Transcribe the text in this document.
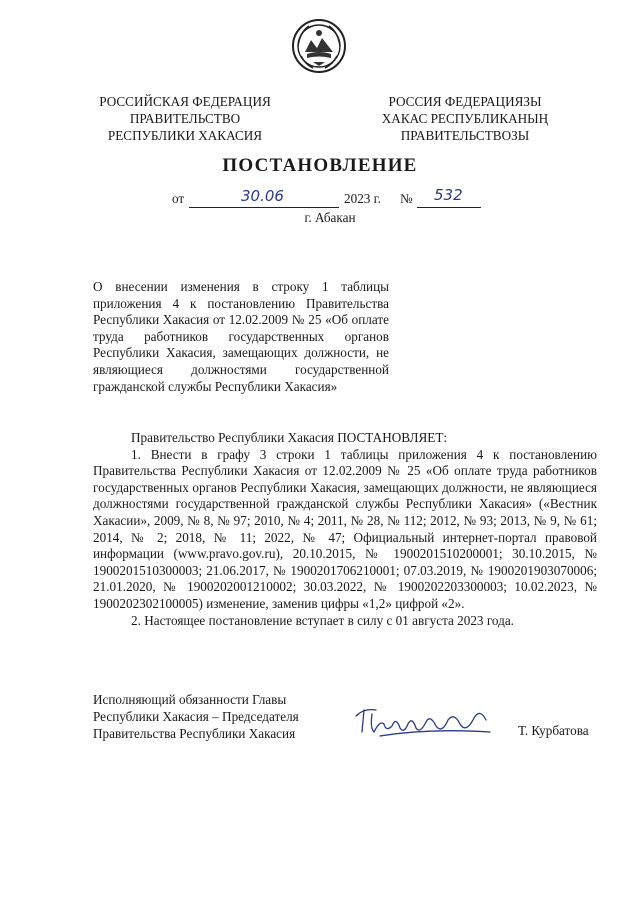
РОССИЙСКАЯ ФЕДЕРАЦИЯ
ПРАВИТЕЛЬСТВО
РЕСПУБЛИКИ ХАКАСИЯ
РОССИЯ ФЕДЕРАЦИЯЗЫ
ХАКАС РЕСПУБЛИКАНЫҢ
ПРАВИТЕЛЬСТВОЗЫ
ПОСТАНОВЛЕНИЕ
от	30.06	2023 г. № 532
г. Абакан
О внесении изменения в строку 1 таблицы приложения 4 к постановлению Правительства Республики Хакасия от 12.02.2009 № 25 «Об оплате труда работников государственных органов Республики Хакасия, замещающих должности, не являющиеся должностями государственной гражданской службы Республики Хакасия»

Правительство Республики Хакасия ПОСТАНОВЛЯЕТ:

1. Внести в графу 3 строки 1 таблицы приложения 4 к постановлению Правительства Республики Хакасия от 12.02.2009 № 25 «Об оплате труда работников государственных органов Республики Хакасия, замещающих должности, не являющиеся должностями государственной гражданской службы Республики Хакасия» («Вестник Хакасии», 2009, № 8, № 97; 2010, № 4; 2011, № 28, № 112; 2012, № 93; 2013, № 9, № 61; 2014, № 2; 2018, № 11; 2022, № 47; Официальный интернет-портал правовой информации (www.pravo.gov.ru), 20.10.2015, № 1900201510200001; 30.10.2015, № 1900201510300003; 21.06.2017, № 1900201706210001; 07.03.2019, № 1900201903070006; 21.01.2020, № 1900202001210002; 30.03.2022, № 1900202203300003; 10.02.2023, № 1900202302100005) изменение, заменив цифры «1,2» цифрой «2».

2. Настоящее постановление вступает в силу с 01 августа 2023 года.

Исполняющий обязанности Главы
Республики Хакасия – Председателя
Правительства Республики Хакасия	Т. Курбатова
